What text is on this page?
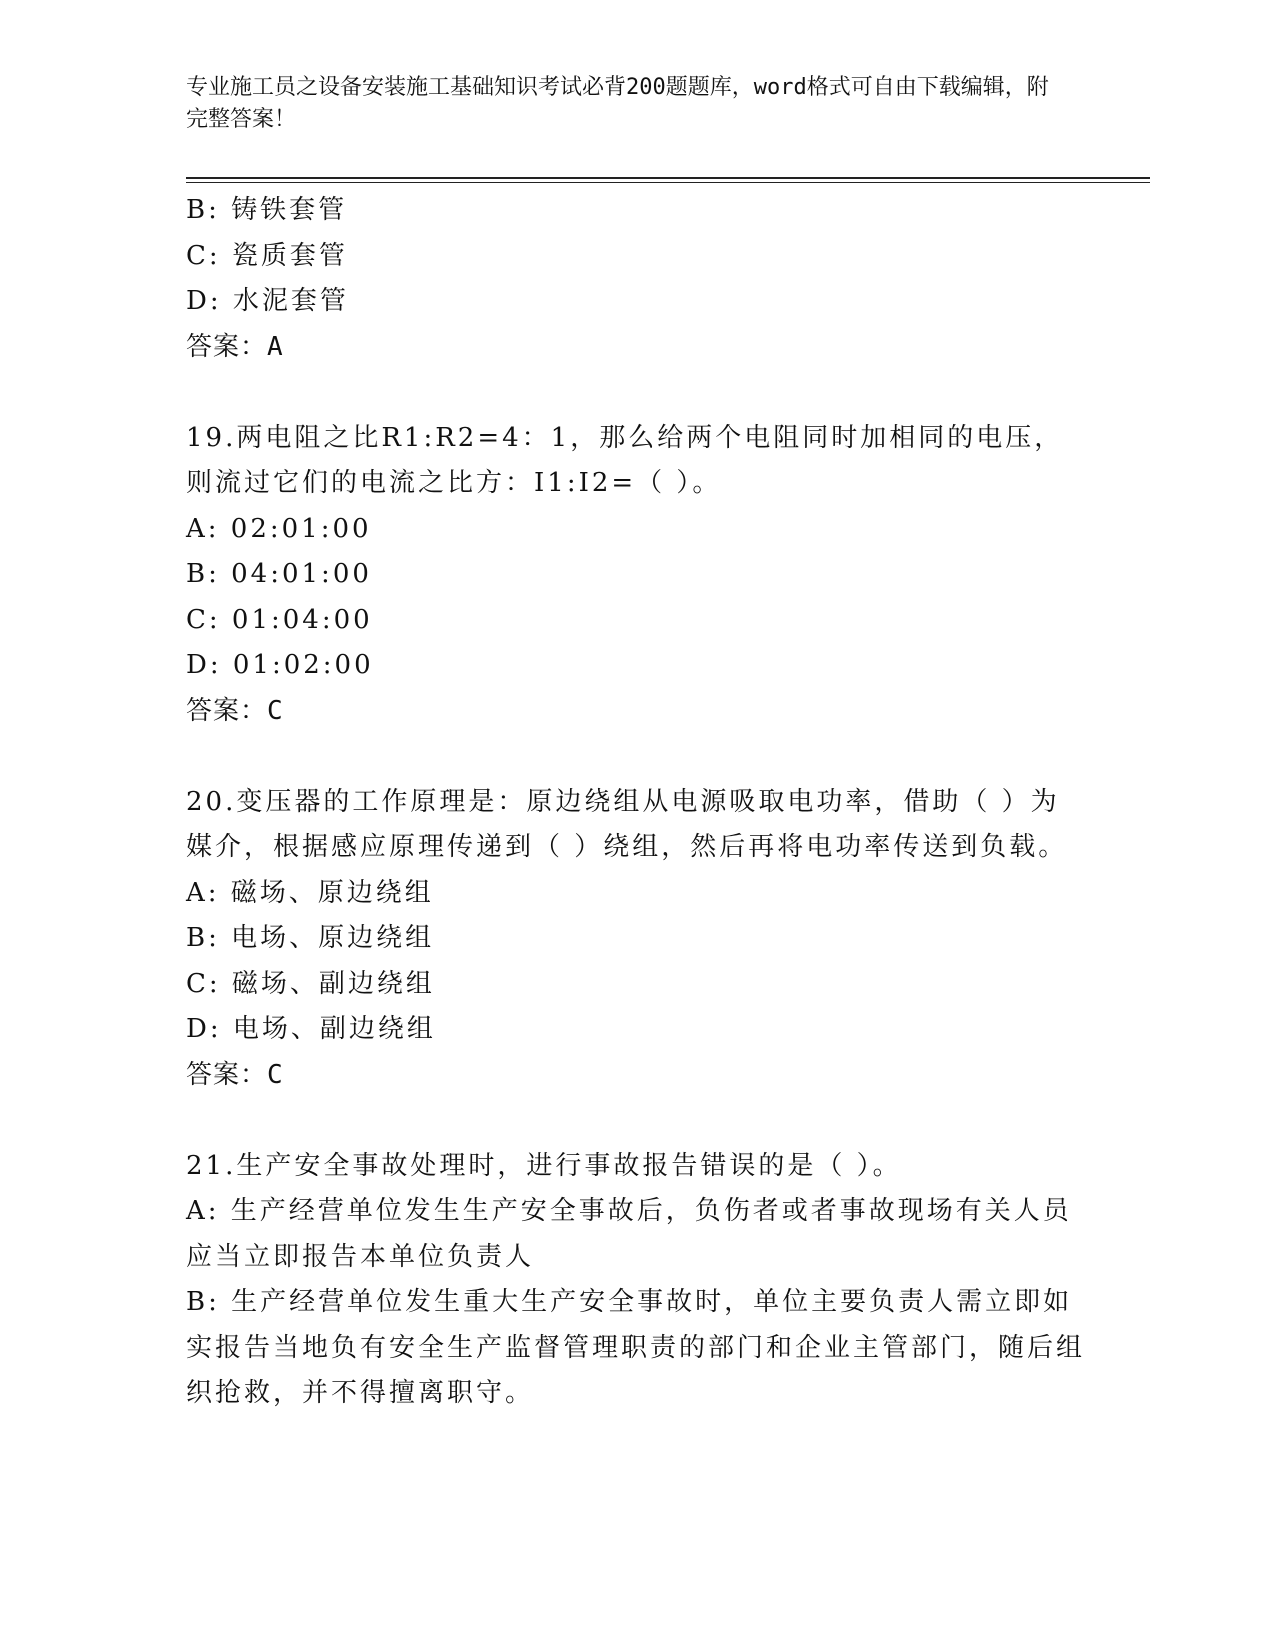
专业施工员之设备安装施工基础知识考试必背200题题库，word格式可自由下载编辑，附完整答案！
B: 铸铁套管
C: 瓷质套管
D: 水泥套管
答案：A
19.两电阻之比R1:R2=4：1，那么给两个电阻同时加相同的电压，则流过它们的电流之比方：I1:I2=（ ）。
A: 02:01:00
B: 04:01:00
C: 01:04:00
D: 01:02:00
答案：C
20.变压器的工作原理是：原边绕组从电源吸取电功率，借助（ ）为媒介，根据感应原理传递到（ ）绕组，然后再将电功率传送到负载。
A: 磁场、原边绕组
B: 电场、原边绕组
C: 磁场、副边绕组
D: 电场、副边绕组
答案：C
21.生产安全事故处理时，进行事故报告错误的是（ ）。
A: 生产经营单位发生生产安全事故后，负伤者或者事故现场有关人员应当立即报告本单位负责人
B: 生产经营单位发生重大生产安全事故时，单位主要负责人需立即如实报告当地负有安全生产监督管理职责的部门和企业主管部门，随后组织抢救，并不得擅离职守。
